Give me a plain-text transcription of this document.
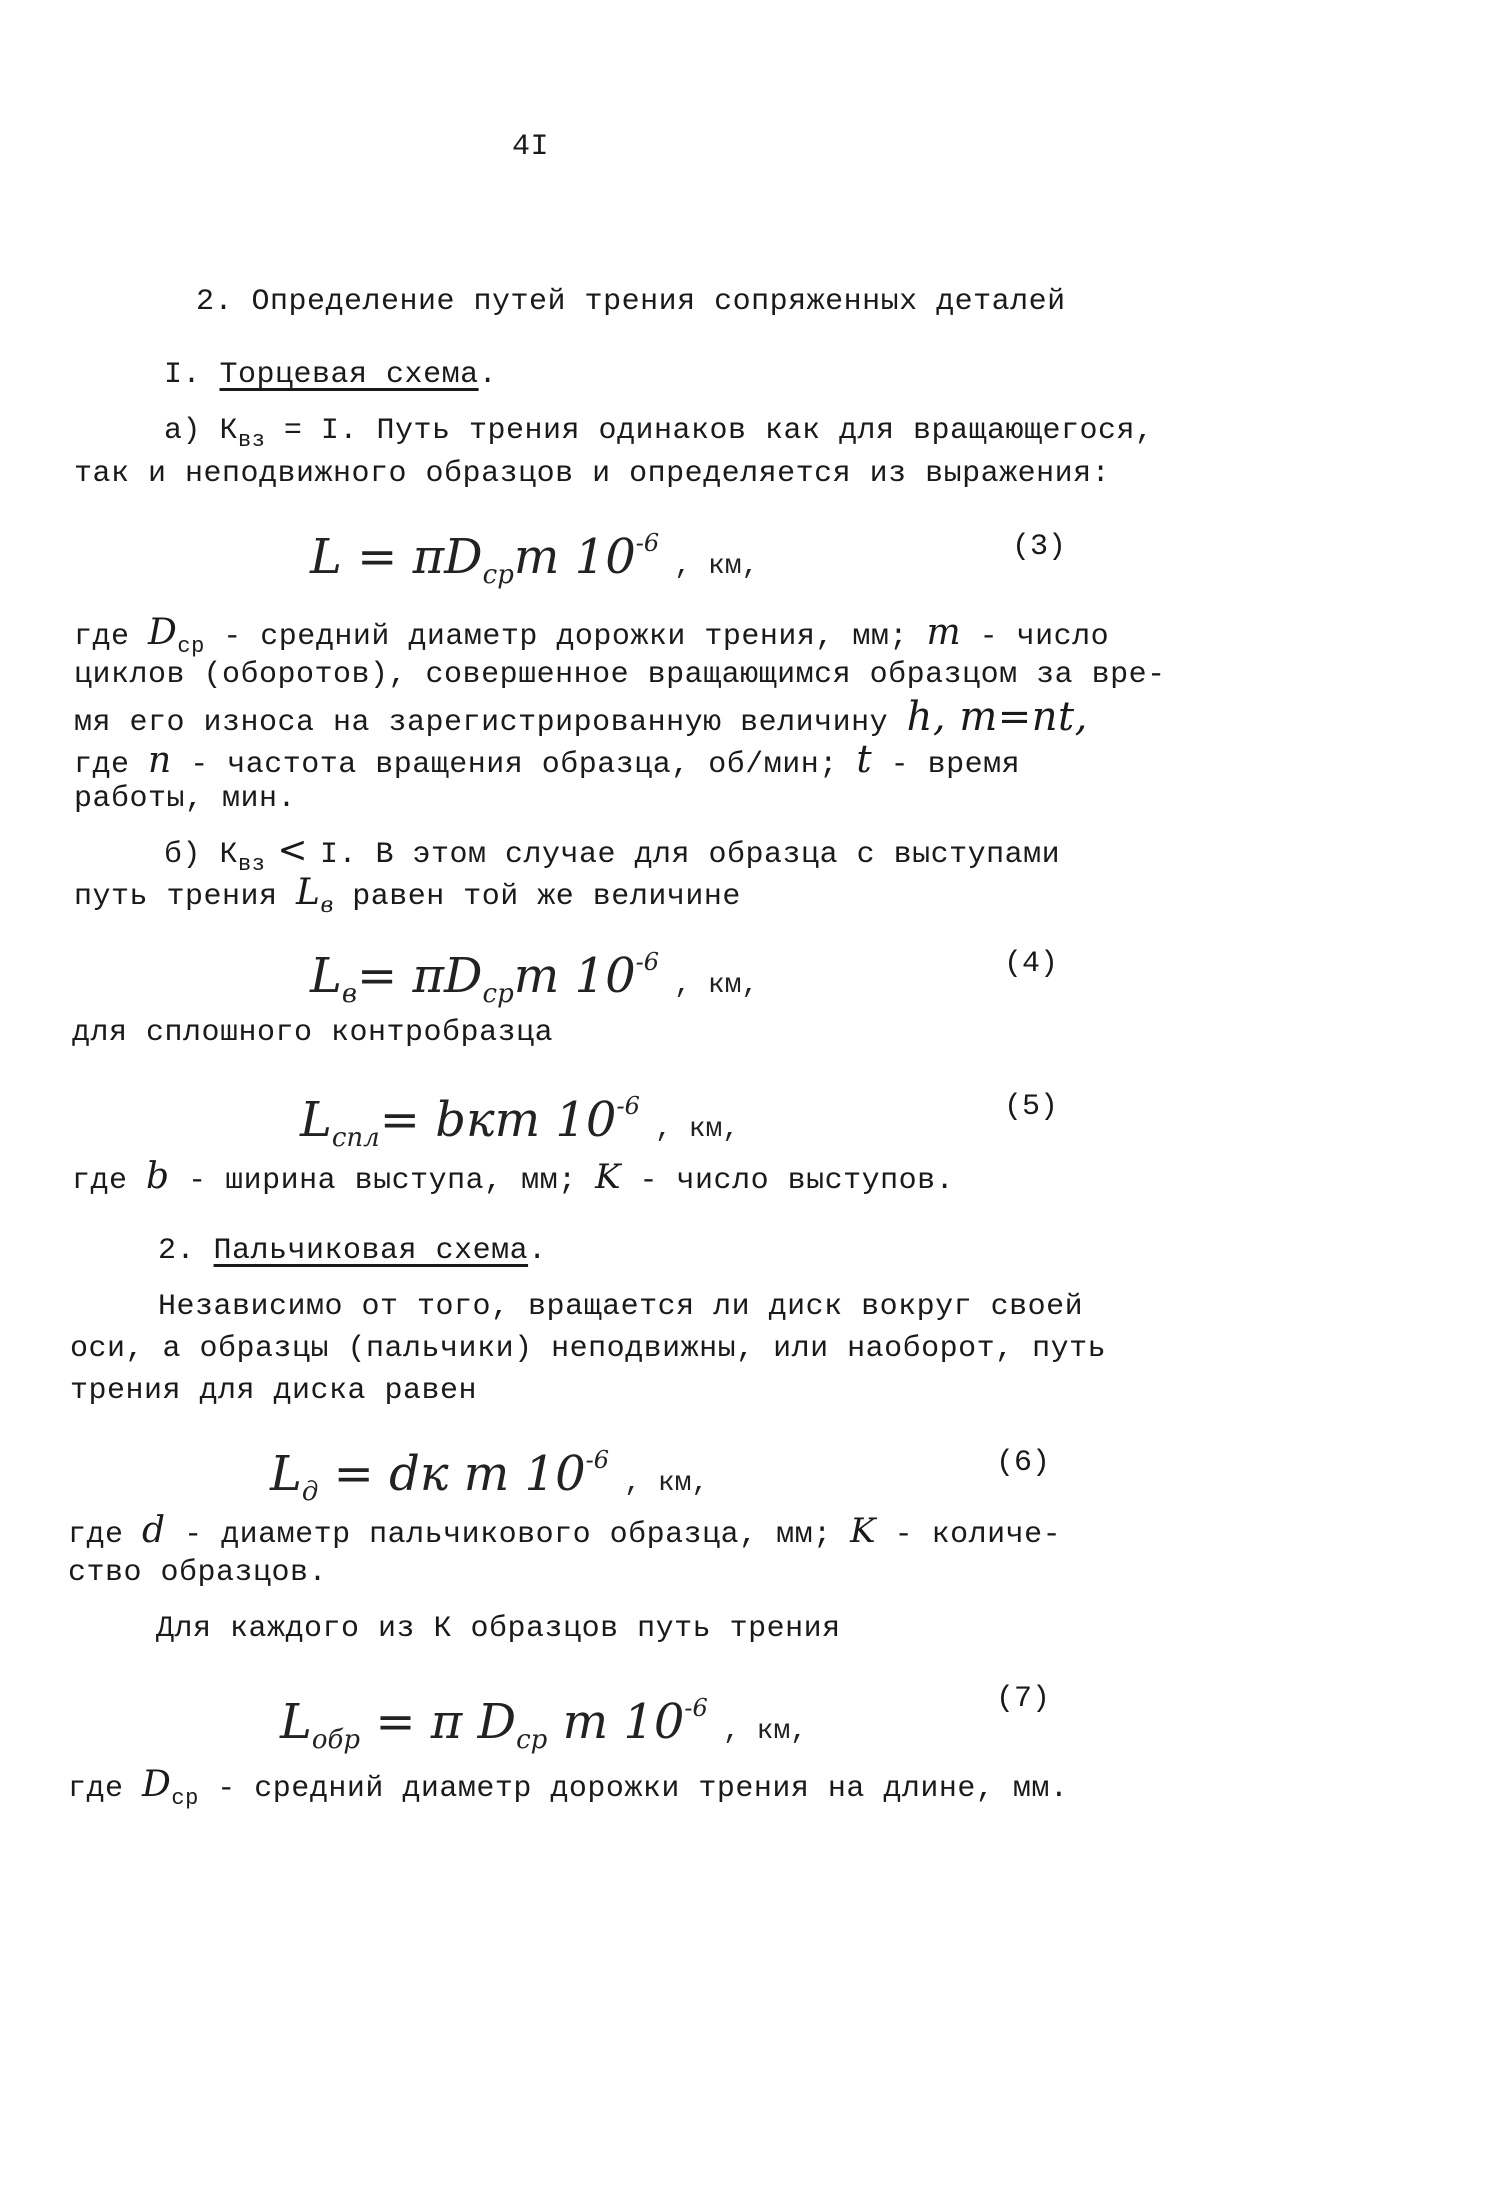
4I
2. Определение путей трения сопряженных деталей
I. Торцевая схема.
а) $К_{вз} = I$. Путь трения одинаков как для вращающегося,
так и неподвижного образцов и определяется из выражения:
$L = \pi D_{ср}m$ $10^{-6}$ , км,
(3)
где $D_{ср}$ - средний диаметр дорожки трения, мм; m - число
циклов (оборотов), совершенное вращающимся образцом за вре-
мя его износа на зарегистрированную величину h, m=nt,
где n - частота вращения образца, об/мин; t - время
работы, мин.
б) $К_{вз} < I$. В этом случае для образца с выступами
путь трения $L_в$ равен той же величине
$L_в= \pi D_{ср}m$ $10^{-6}$ , км,
(4)
для сплошного контробразца
$L_{спл}=$ bкm $10^{-6}$ , км,
(5)
где b - ширина выступа, мм; K - число выступов.
2. Пальчиковая схема.
Независимо от того, вращается ли диск вокруг своей
оси, а образцы (пальчики) неподвижны, или наоборот, путь
трения для диска равен
$L_д$ = dк m $10^{-6}$ , км,
(6)
где d - диаметр пальчикового образца, мм; K - количе-
ство образцов.
Для каждого из К образцов путь трения
$L_{обр} = \pi$ $D_{ср}$ m $10^{-6}$ , км,
(7)
где $D_{ср}$ - средний диаметр дорожки трения на длине, мм.
